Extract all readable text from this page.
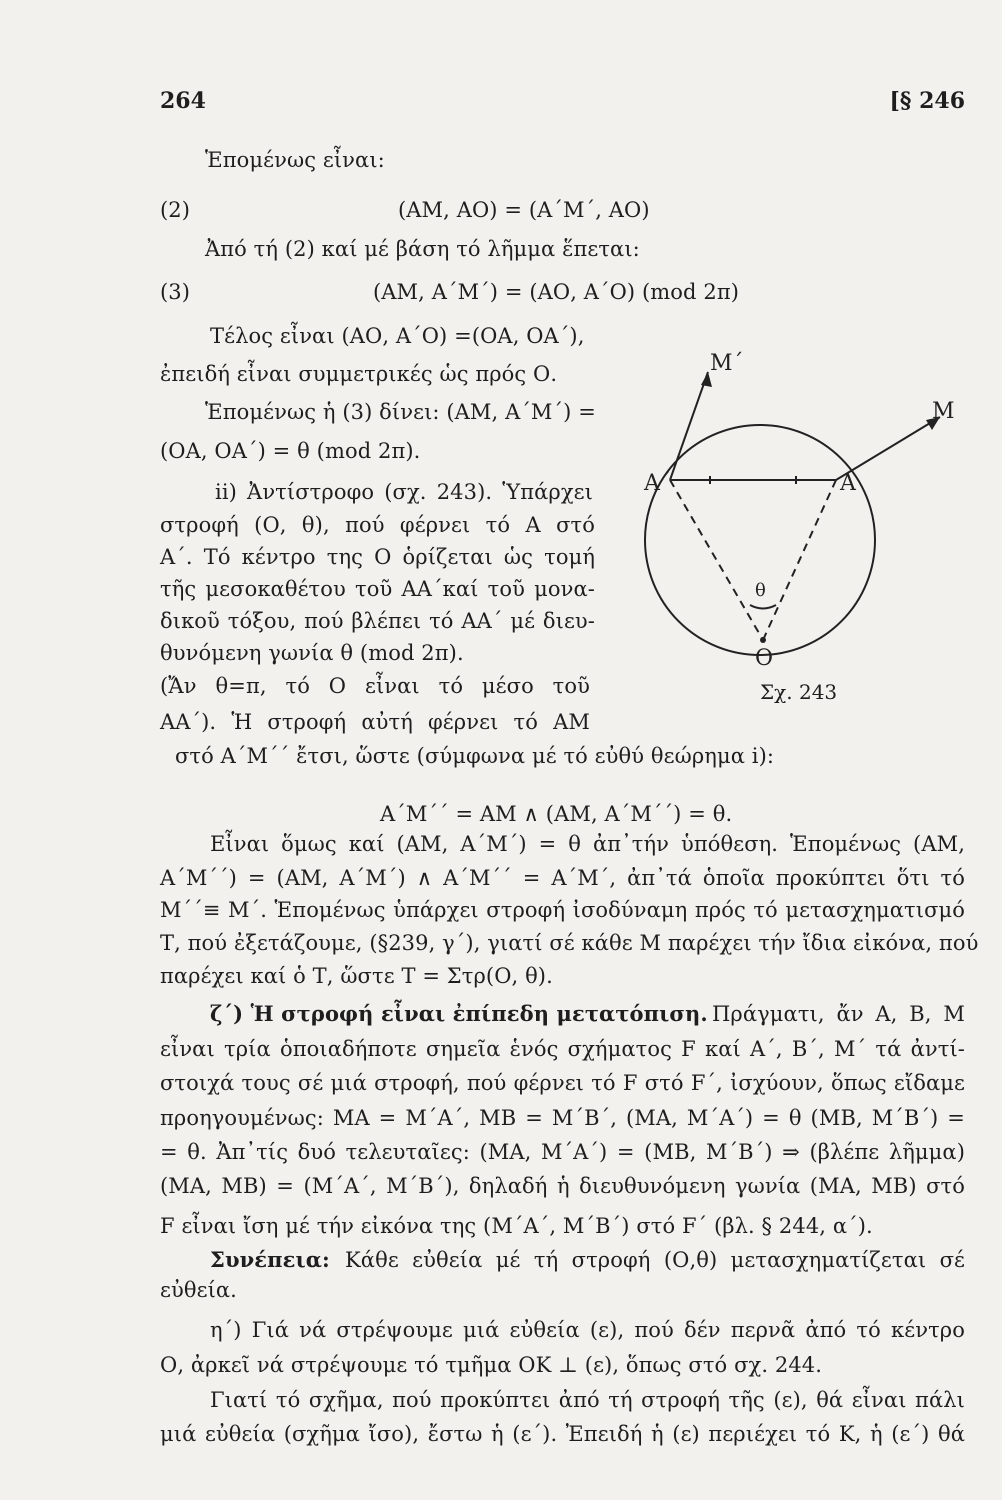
264	[§ 246
Ἑπομένως εἶναι:
(2)	(ΑΜ, ΑΟ) = (Α΄Μ΄, ΑΟ)
Ἀπό τή (2) καί μέ βάση τό λῆμμα ἕπεται:
(3)	(ΑΜ, Α΄Μ΄) = (ΑΟ, Α΄Ο) (mod 2π)
Τέλος εἶναι (ΑΟ, Α΄Ο) =(ΟΑ, ΟΑ΄),
ἐπειδή εἶναι συμμετρικές ὡς πρός Ο.
Ἑπομένως ἡ (3) δίνει: (ΑΜ, Α΄Μ΄) =
(ΟΑ, ΟΑ΄) = θ (mod 2π).
ii) Ἀντίστροφο (σχ. 243). Ὑπάρχει
στροφή (Ο, θ), πού φέρνει τό Α στό
Α΄. Τό κέντρο της Ο ὁρίζεται ὡς τομή
τῆς μεσοκαθέτου τοῦ ΑΑ΄καί τοῦ μονα-
δικοῦ τόξου, πού βλέπει τό ΑΑ΄ μέ διευ-
θυνόμενη γωνία θ (mod 2π).
(Ἄν θ=π, τό Ο εἶναι τό μέσο τοῦ
ΑΑ΄). Ἡ στροφή αὐτή φέρνει τό ΑΜ
στό Α΄Μ΄΄ ἔτσι, ὥστε (σύμφωνα μέ τό εὐθύ θεώρημα i):
Α΄Μ΄΄ = ΑΜ ∧ (ΑΜ, Α΄Μ΄΄) = θ.
Εἶναι ὅμως καί (ΑΜ, Α΄Μ΄) = θ ἀπ᾽τήν ὑπόθεση. Ἑπομένως (ΑΜ,
Α΄Μ΄΄) = (ΑΜ, Α΄Μ΄) ∧ Α΄Μ΄΄ = Α΄Μ΄, ἀπ᾽τά ὁποῖα προκύπτει ὅτι τό
Μ΄΄≡ Μ΄. Ἑπομένως ὑπάρχει στροφή ἰσοδύναμη πρός τό μετασχηματισμό
Τ, πού ἐξετάζουμε, (§239, γ΄), γιατί σέ κάθε Μ παρέχει τήν ἴδια εἰκόνα, πού
παρέχει καί ὁ Τ, ὥστε Τ = Στρ(Ο, θ).
ζ΄) Ἡ στροφή εἶναι ἐπίπεδη μετατόπιση. Πράγματι, ἄν Α, Β, Μ
εἶναι τρία ὁποιαδήποτε σημεῖα ἑνός σχήματος F καί Α΄, Β΄, Μ΄ τά ἀντί-
στοιχά τους σέ μιά στροφή, πού φέρνει τό F στό F΄, ἰσχύουν, ὅπως εἴδαμε
προηγουμένως: ΜΑ = Μ΄Α΄, ΜΒ = Μ΄Β΄, (ΜΑ, Μ΄Α΄) = θ (ΜΒ, Μ΄Β΄) =
= θ. Ἀπ᾽τίς δυό τελευταῖες: (ΜΑ, Μ΄Α΄) = (ΜΒ, Μ΄Β΄) ⇒ (βλέπε λῆμμα)
(ΜΑ, ΜΒ) = (Μ΄Α΄, Μ΄Β΄), δηλαδή ἡ διευθυνόμενη γωνία (ΜΑ, ΜΒ) στό
F εἶναι ἴση μέ τήν εἰκόνα της (Μ΄Α΄, Μ΄Β΄) στό F΄ (βλ. § 244, α΄).
Συνέπεια: Κάθε εὐθεία μέ τή στροφή (Ο,θ) μετασχηματίζεται σέ
εὐθεία.
η΄) Γιά νά στρέψουμε μιά εὐθεία (ε), πού δέν περνᾶ ἀπό τό κέντρο
Ο, ἀρκεῖ νά στρέψουμε τό τμῆμα ΟΚ ⊥ (ε), ὅπως στό σχ. 244.
Γιατί τό σχῆμα, πού προκύπτει ἀπό τή στροφή τῆς (ε), θά εἶναι πάλι
μιά εὐθεία (σχῆμα ἴσο), ἔστω ἡ (ε΄). Ἐπειδή ἡ (ε) περιέχει τό Κ, ἡ (ε΄) θά
Μ΄
Μ
Α΄	Α
θ
Ο
Σχ. 243
